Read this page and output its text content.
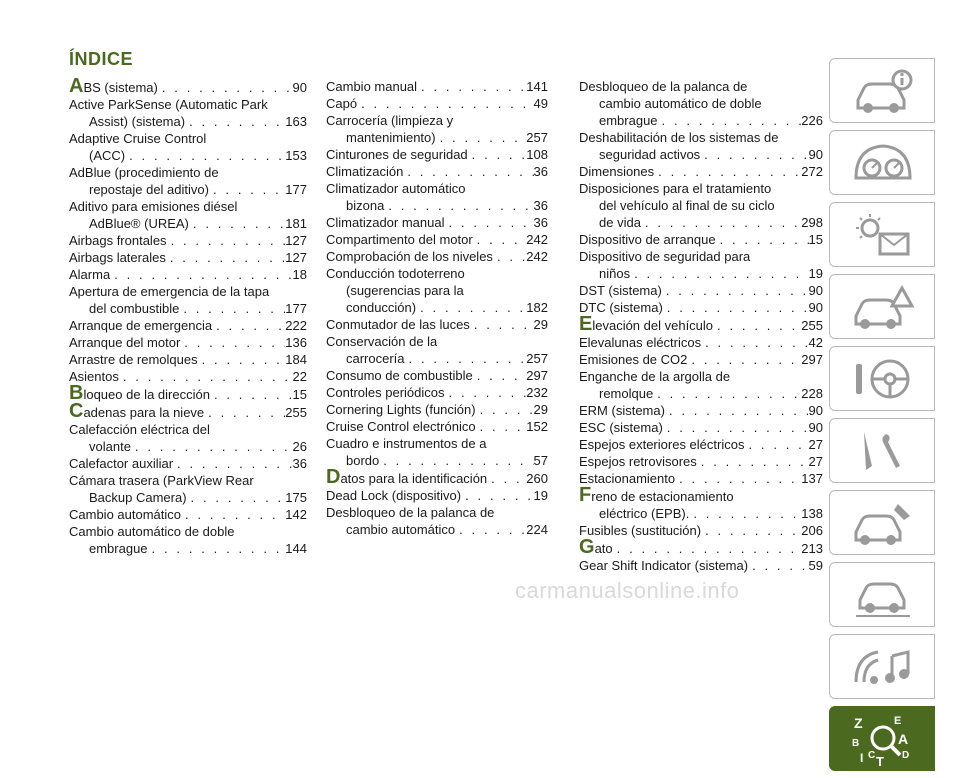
ÍNDICE
ABS (sistema) . . .	90
Active ParkSense (Automatic Park
Assist) (sistema) . . .	163
Adaptive Cruise Control
(ACC) . . .	153
AdBlue (procedimiento de
repostaje del aditivo) . . .	177
Aditivo para emisiones diésel
AdBlue® (UREA) . . .	181
Airbags frontales . . .	127
Airbags laterales . . .	127
Alarma . . .	18
Apertura de emergencia de la tapa
del combustible . . .	177
Arranque de emergencia . . .	222
Arranque del motor . . .	136
Arrastre de remolques . . .	184
Asientos . . .	22
Bloqueo de la dirección . . .	15
Cadenas para la nieve . . .	255
Calefacción eléctrica del
volante . . .	26
Calefactor auxiliar . . .	36
Cámara trasera (ParkView Rear
Backup Camera) . . .	175
Cambio automático . . .	142
Cambio automático de doble
embrague . . .	144
Cambio manual . . .	141
Capó . . .	49
Carrocería (limpieza y
mantenimiento) . . .	257
Cinturones de seguridad . . .	108
Climatización . . .	36
Climatizador automático
bizona . . .	36
Climatizador manual . . .	36
Compartimento del motor . . .	242
Comprobación de los niveles . . .	242
Conducción todoterreno
(sugerencias para la
conducción) . . .	182
Conmutador de las luces . . .	29
Conservación de la
carrocería . . .	257
Consumo de combustible . . .	297
Controles periódicos . . .	232
Cornering Lights (función) . . .	29
Cruise Control electrónico . . .	152
Cuadro e instrumentos de a
bordo . . .	57
Datos para la identificación . . .	260
Dead Lock (dispositivo) . . .	19
Desbloqueo de la palanca de
cambio automático . . .	224
Desbloqueo de la palanca de
cambio automático de doble
embrague . . .	226
Deshabilitación de los sistemas de
seguridad activos . . .	90
Dimensiones . . .	272
Disposiciones para el tratamiento
del vehículo al final de su ciclo
de vida . . .	298
Dispositivo de arranque . . .	15
Dispositivo de seguridad para
niños . . .	19
DST (sistema) . . .	90
DTC (sistema) . . .	90
Elevación del vehículo . . .	255
Elevalunas eléctricos . . .	42
Emisiones de CO2 . . .	297
Enganche de la argolla de
remolque . . .	228
ERM (sistema) . . .	90
ESC (sistema) . . .	90
Espejos exteriores eléctricos . . .	27
Espejos retrovisores . . .	27
Estacionamiento . . .	137
Freno de estacionamiento
eléctrico (EPB). . . .	138
Fusibles (sustitución) . . .	206
Gato . . .	213
Gear Shift Indicator (sistema) . . .	59
Z	E
B	A
I C T D
carmanualsonline.info
